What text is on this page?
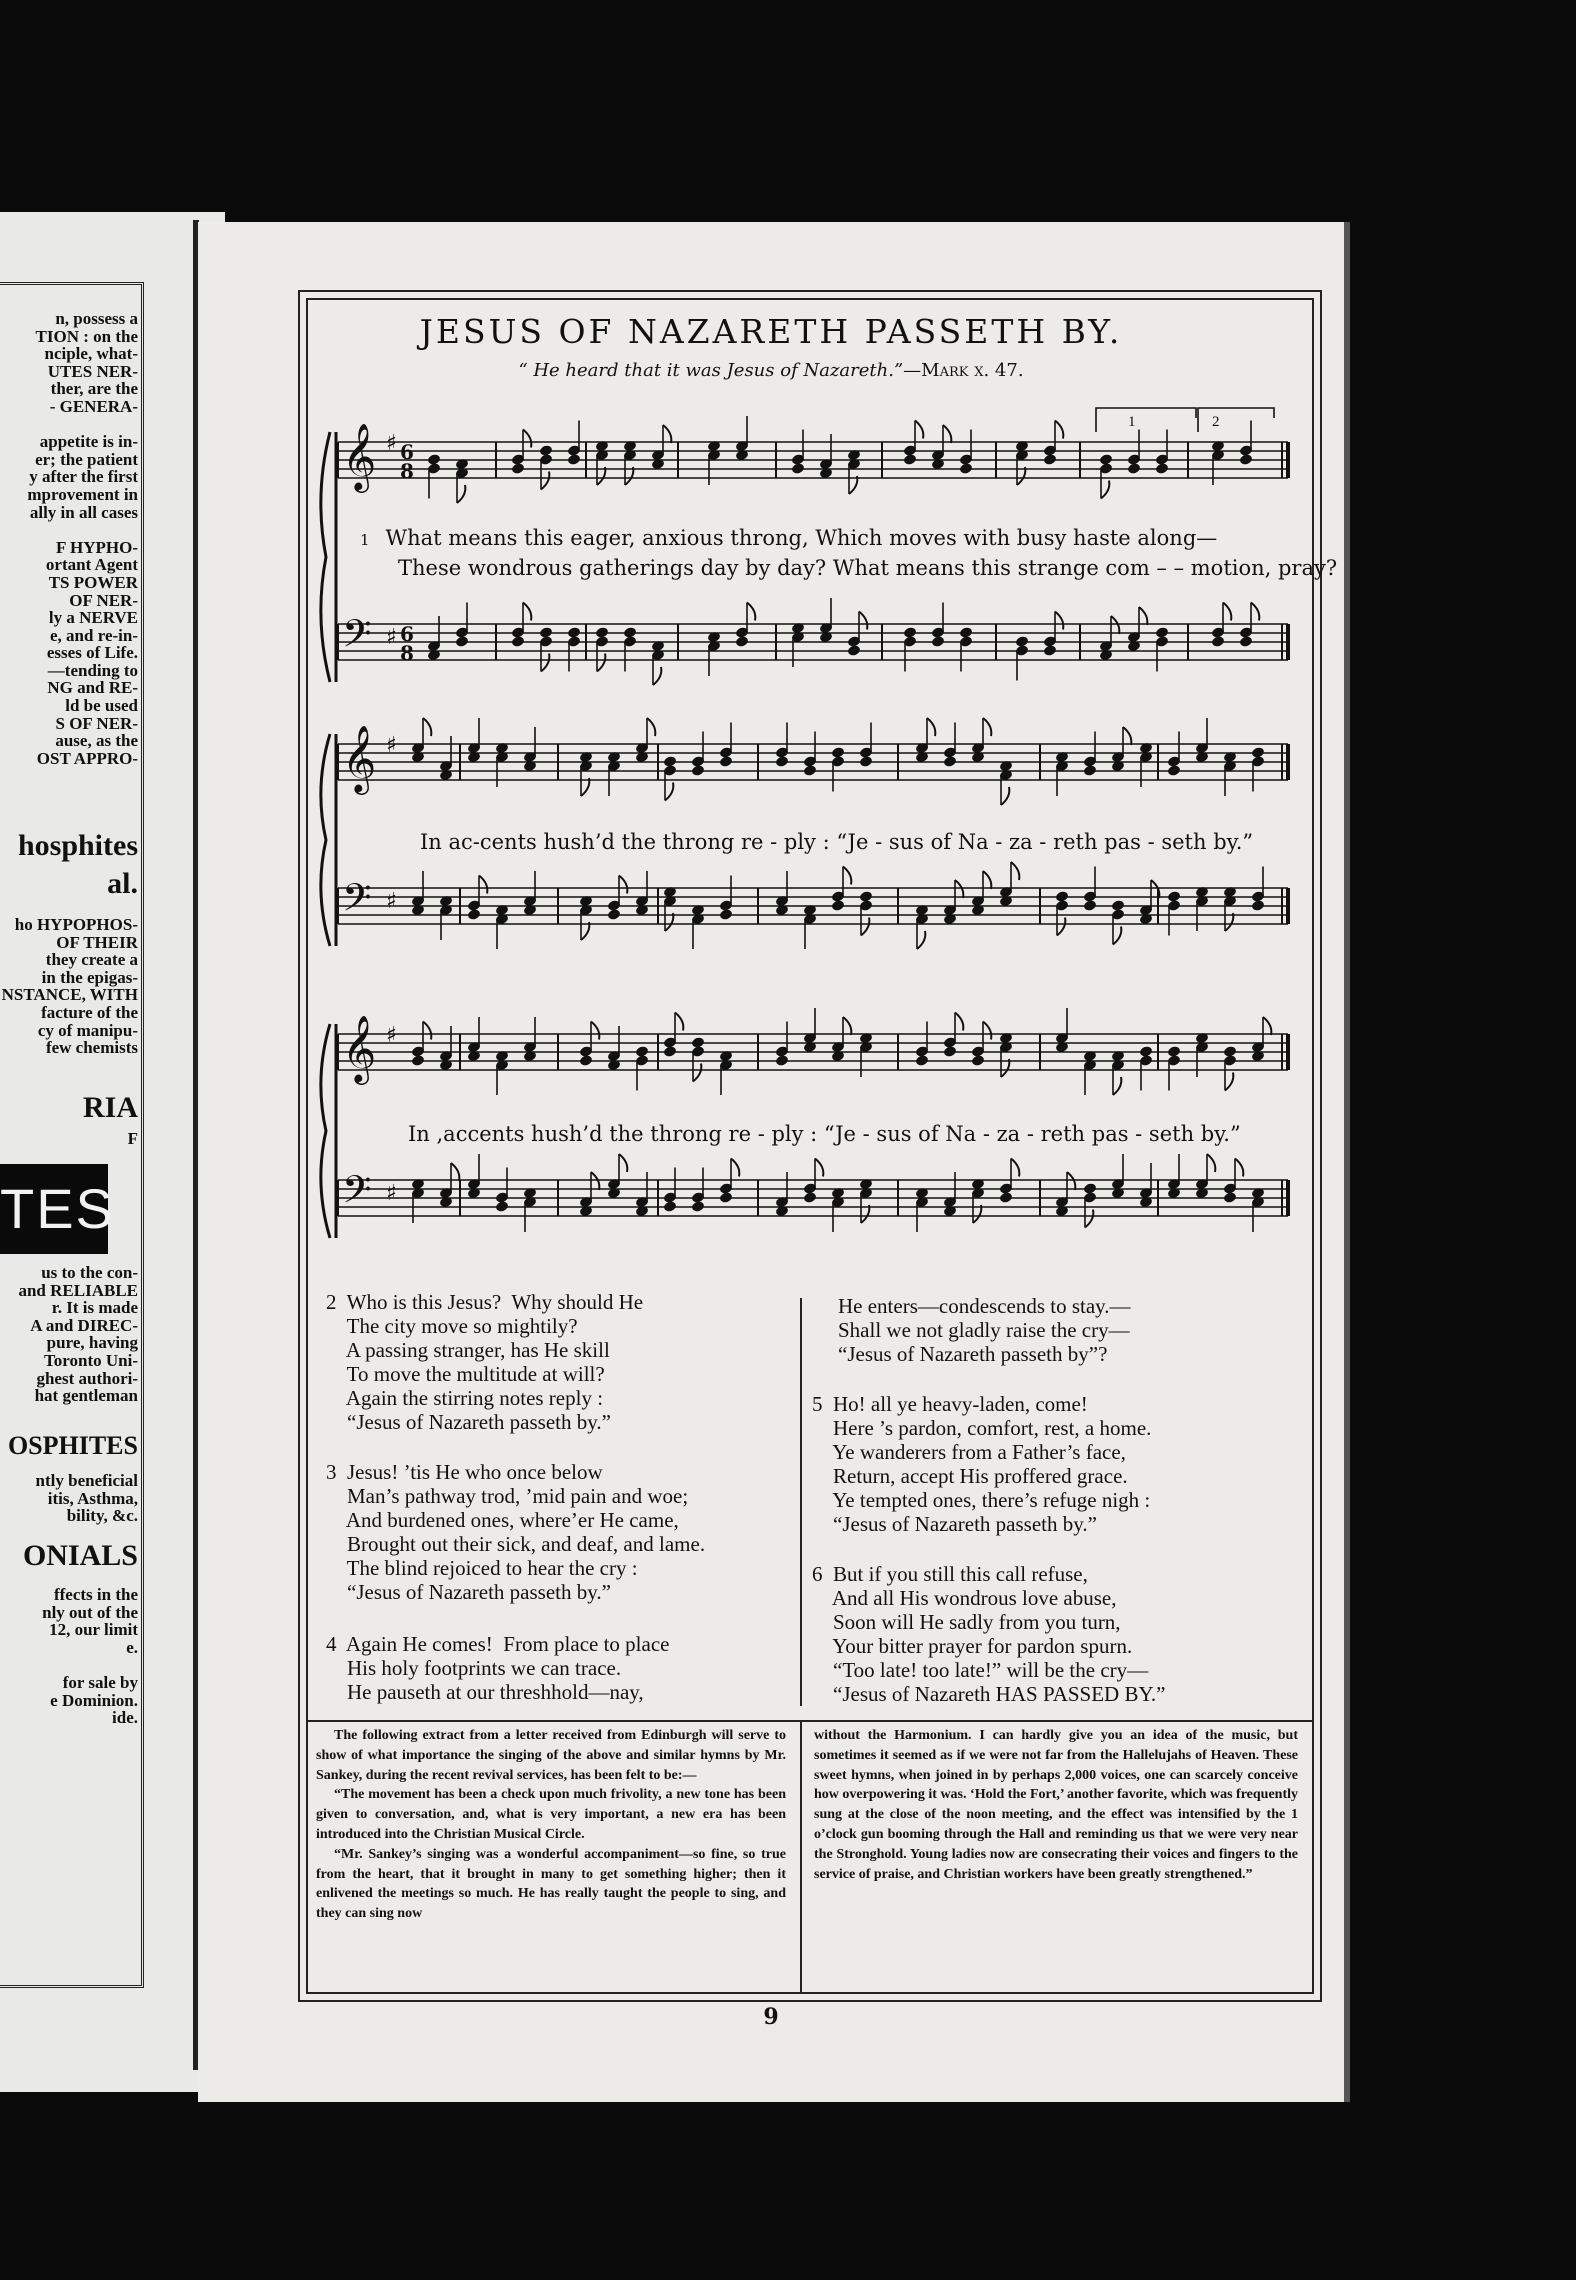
n, possess a
TION : on the
nciple, what-
UTES NER-
ther, are the
- GENERA-

appetite is in-
er; the patient
y after the first
mprovement in
ally in all cases

F HYPHO-
ortant Agent
TS POWER
OF NER-
ly a NERVE
e, and re-in-
esses of Life.
—tending to
NG and RE-
ld be used
S OF NER-
ause, as the
OST APPRO-
hosphites
al.
ho HYPOPHOS-
OF THEIR
they create a
in the epigas-
NSTANCE, WITH
facture of the
cy of manipu-
few chemists
RIA
F
TES
us to the con-
and RELIABLE
r. It is made
A and DIREC-
pure, having
Toronto Uni-
ghest authori-
hat gentleman
OSPHITES
ntly beneficial
itis, Asthma,
bility, &c.
ONIALS
ffects in the
nly out of the
12, our limit
e.

for sale by
e Dominion.
ide.
JESUS OF NAZARETH PASSETH BY.
“ He heard that it was Jesus of Nazareth.”—Mark x. 47.
𝄞 ♯ 6
8
𝄢 ♯ 6
8
1	2
𝄞 ♯
𝄢 ♯
𝄞 ♯
𝄢 ♯
1 What means this eager, anxious throng, Which moves with busy haste along—
These wondrous gatherings day by day? What means this strange com – – motion, pray?
In ac-cents hush’d the throng re - ply : “Je - sus of Na - za - reth pas - seth by.”
In ,accents hush’d the throng re - ply : “Je - sus of Na - za - reth pas - seth by.”
2  Who is this Jesus?  Why should He
The city move so mightily?
A passing stranger, has He skill
To move the multitude at will?
Again the stirring notes reply :
“Jesus of Nazareth passeth by.”
3  Jesus! ’tis He who once below
Man’s pathway trod, ’mid pain and woe;
And burdened ones, where’er He came,
Brought out their sick, and deaf, and lame.
The blind rejoiced to hear the cry :
“Jesus of Nazareth passeth by.”
4  Again He comes!  From place to place
His holy footprints we can trace.
He pauseth at our threshhold—nay,
He enters—condescends to stay.—
Shall we not gladly raise the cry—
“Jesus of Nazareth passeth by”?
5  Ho! all ye heavy-laden, come!
Here ’s pardon, comfort, rest, a home.
Ye wanderers from a Father’s face,
Return, accept His proffered grace.
Ye tempted ones, there’s refuge nigh :
“Jesus of Nazareth passeth by.”
6  But if you still this call refuse,
And all His wondrous love abuse,
Soon will He sadly from you turn,
Your bitter prayer for pardon spurn.
“Too late! too late!” will be the cry—
“Jesus of Nazareth HAS PASSED BY.”

The following extract from a letter received from Edinburgh will serve to show of what importance the singing of the above and similar hymns by Mr. Sankey, during the recent revival services, has been felt to be:—

“The movement has been a check upon much frivolity, a new tone has been given to conversation, and, what is very important, a new era has been introduced into the Christian Musical Circle.

“Mr. Sankey’s singing was a wonderful accompaniment—so fine, so true from the heart, that it brought in many to get something higher; then it enlivened the meetings so much. He has really taught the people to sing, and they can sing now

without the Harmonium. I can hardly give you an idea of the music, but sometimes it seemed as if we were not far from the Hallelujahs of Heaven. These sweet hymns, when joined in by perhaps 2,000 voices, one can scarcely conceive how overpowering it was. ‘Hold the Fort,’ another favorite, which was frequently sung at the close of the noon meeting, and the effect was intensified by the 1 o’clock gun booming through the Hall and reminding us that we were very near the Stronghold. Young ladies now are consecrating their voices and fingers to the service of praise, and Christian workers have been greatly strengthened.”

9
